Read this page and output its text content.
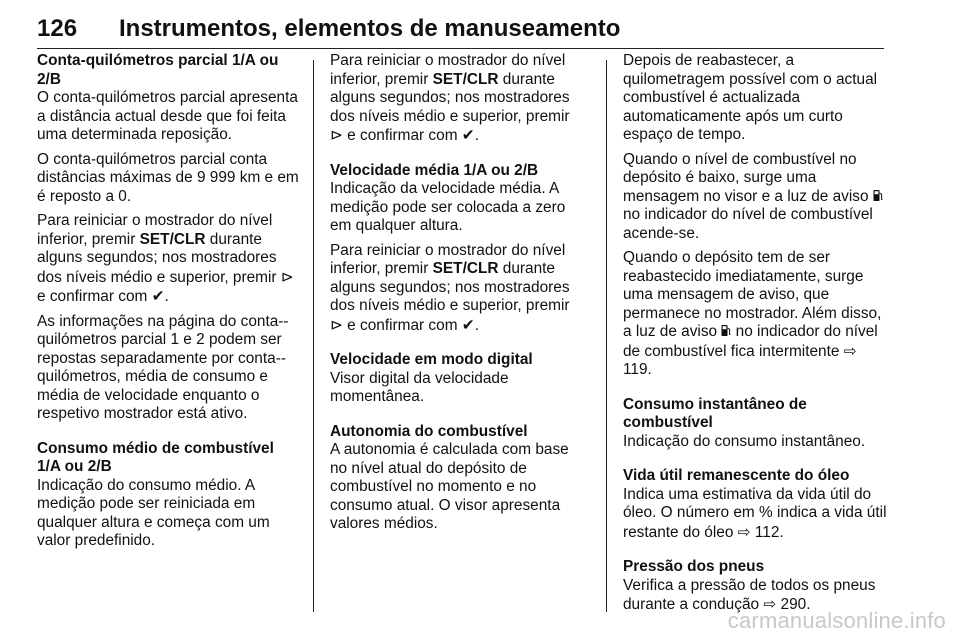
126 Instrumentos, elementos de manuseamento
Conta-quilómetros parcial 1/A ou 2/B
O conta-quilómetros parcial apresenta a distância actual desde que foi feita uma determinada reposição.
O conta-quilómetros parcial conta distâncias máximas de 9 999 km e em é reposto a 0.
Para reiniciar o mostrador do nível inferior, premir SET/CLR durante alguns segundos; nos mostradores dos níveis médio e superior, premir ⊳ e confirmar com ✔.
As informações na página do conta--quilómetros parcial 1 e 2 podem ser repostas separadamente por conta--quilómetros, média de consumo e média de velocidade enquanto o respetivo mostrador está ativo.
Consumo médio de combustível 1/A ou 2/B
Indicação do consumo médio. A medição pode ser reiniciada em qualquer altura e começa com um valor predefinido.
Para reiniciar o mostrador do nível inferior, premir SET/CLR durante alguns segundos; nos mostradores dos níveis médio e superior, premir ⊳ e confirmar com ✔.
Velocidade média 1/A ou 2/B
Indicação da velocidade média. A medição pode ser colocada a zero em qualquer altura.
Para reiniciar o mostrador do nível inferior, premir SET/CLR durante alguns segundos; nos mostradores dos níveis médio e superior, premir ⊳ e confirmar com ✔.
Velocidade em modo digital
Visor digital da velocidade momentânea.
Autonomia do combustível
A autonomia é calculada com base no nível atual do depósito de combustível no momento e no consumo atual. O visor apresenta valores médios.
Depois de reabastecer, a quilometragem possível com o actual combustível é actualizada automaticamente após um curto espaço de tempo.
Quando o nível de combustível no depósito é baixo, surge uma mensagem no visor e a luz de aviso  no indicador do nível de combustível acende-se.
Quando o depósito tem de ser reabastecido imediatamente, surge uma mensagem de aviso, que permanece no mostrador. Além disso, a luz de aviso  no indicador do nível de combustível fica intermitente ⇨ 119.
Consumo instantâneo de combustível
Indicação do consumo instantâneo.
Vida útil remanescente do óleo
Indica uma estimativa da vida útil do óleo. O número em % indica a vida útil restante do óleo ⇨ 112.
Pressão dos pneus
Verifica a pressão de todos os pneus durante a condução ⇨ 290.
carmanualsonline.info
